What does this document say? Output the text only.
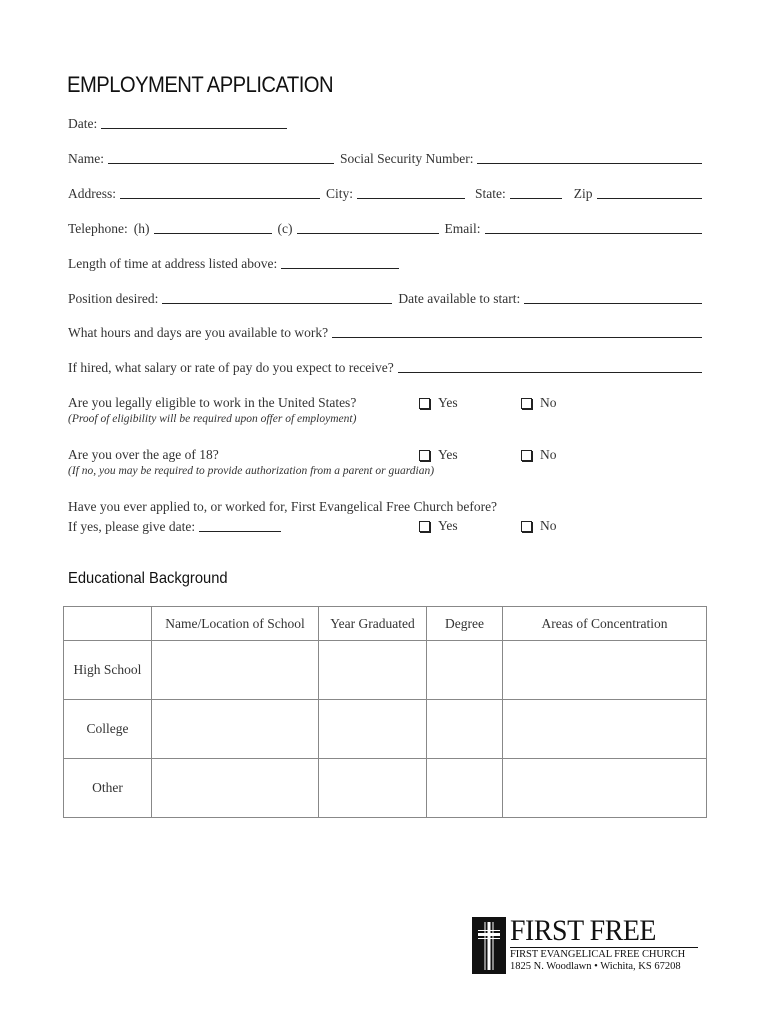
EMPLOYMENT APPLICATION
Date:
Name:	Social Security Number:
Address:	City:	State:	Zip
Telephone: (h)	(c)	Email:
Length of time at address listed above:
Position desired:	Date available to start:
What hours and days are you available to work?
If hired, what salary or rate of pay do you expect to receive?
Are you legally eligible to work in the United States?
(Proof of eligibility will be required upon offer of employment)
Yes	No
Are you over the age of 18?
(If no, you may be required to provide authorization from a parent or guardian)
Yes	No
Have you ever applied to, or worked for, First Evangelical Free Church before?
If yes, please give date:	Yes	No
Educational Background
	Name/Location of School	Year Graduated	Degree	Areas of Concentration
High School				
College				
Other				
FIRST FREE
FIRST EVANGELICAL FREE CHURCH
1825 N. Woodlawn • Wichita, KS 67208
